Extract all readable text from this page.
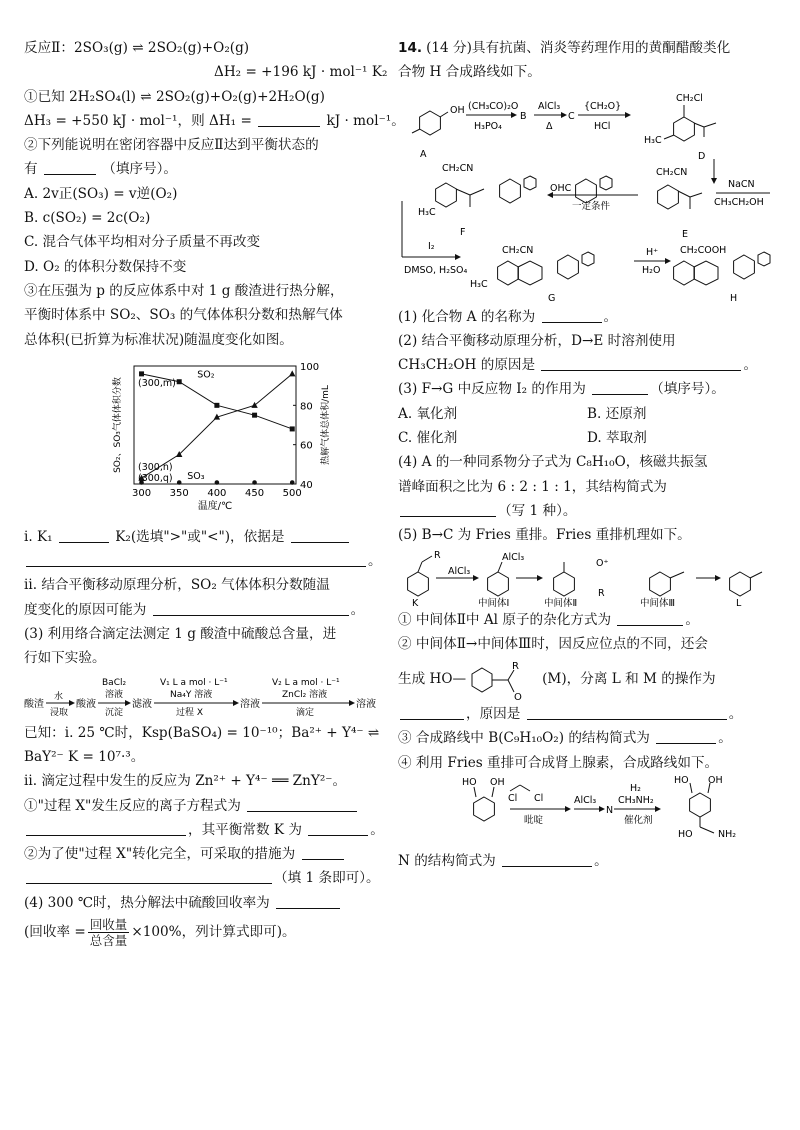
反应Ⅱ：2SO₃(g) ⇌ 2SO₂(g)+O₂(g)
ΔH₂ = +196 kJ · mol⁻¹ K₂
①已知 2H₂SO₄(l) ⇌ 2SO₂(g)+O₂(g)+2H₂O(g)
ΔH₃ = +550 kJ · mol⁻¹，则 ΔH₁ =	kJ · mol⁻¹。
②下列能说明在密闭容器中反应Ⅱ达到平衡状态的
有	（填序号）。
A. 2v正(SO₃) = v逆(O₂)
B. c(SO₂) = 2c(O₂)
C. 混合气体平均相对分子质量不再改变
D. O₂ 的体积分数保持不变
③在压强为 p 的反应体系中对 1 g 酸渣进行热分解，
平衡时体系中 SO₂、SO₃ 的气体体积分数和热解气体
总体积(已折算为标准状况)随温度变化如图。
300 350 400 450 500
40
60
80
100
温度/℃
SO₂、SO₃气体体积分数	热解气体总体积/mL
(300,m)
(300,n)
(300,q)
SO₂
SO₃
ⅰ. K₁	K₂(选填">"或"<")，依据是
。
ⅱ. 结合平衡移动原理分析，SO₂ 气体体积分数随温
度变化的原因可能为	。
(3) 利用络合滴定法测定 1 g 酸渣中硫酸总含量，进
行如下实验。
酸渣
水
浸取
酸液
BaCl₂
溶液
沉淀
滤液
V₁ L a mol · L⁻¹
Na₄Y 溶液
过程 X
溶液
V₂ L a mol · L⁻¹
ZnCl₂ 溶液
滴定
溶液
已知：ⅰ. 25 ℃时，Ksp(BaSO₄) = 10⁻¹⁰；Ba²⁺ + Y⁴⁻ ⇌
BaY²⁻ K = 10⁷·³。
ⅱ. 滴定过程中发生的反应为 Zn²⁺ + Y⁴⁻ ══ ZnY²⁻。
①"过程 X"发生反应的离子方程式为
，其平衡常数 K 为	。
②为了使"过程 X"转化完全，可采取的措施为
（填 1 条即可）。
(4) 300 ℃时，热分解法中硫酸回收率为
(回收率 = $\frac{\text{回收量}}{\text{总含量}} \times 100\%$，列计算式即可)。
14. (14 分)具有抗菌、消炎等药理作用的黄酮醋酸类化
合物 H 合成路线如下。
A
OH (CH₃CO)₂O
H₃PO₄
B
AlCl₃
Δ
C
{CH₂O}
HCl
CH₂Cl
H₃C
D
CH₂CN
H₃C
F
OHC
一定条件
CH₂CN
NaCN
CH₃CH₂OH
E
I₂
DMSO, H₂SO₄
CH₂CN
H₃C
G
H⁺
H₂O
CH₂COOH
H
(1) 化合物 A 的名称为	。
(2) 结合平衡移动原理分析，D→E 时溶剂使用
CH₃CH₂OH 的原因是	。
(3) F→G 中反应物 I₂ 的作用为	（填序号）。
A. 氧化剂	B. 还原剂
C. 催化剂	D. 萃取剂
(4) A 的一种同系物分子式为 C₈H₁₀O，核磁共振氢
谱峰面积之比为 6 : 2 : 1 : 1，其结构简式为
（写 1 种）。
(5) B→C 为 Fries 重排。Fries 重排机理如下。
R
K
AlCl₃
AlCl₃
中间体Ⅰ	中间体Ⅱ
O⁺
R
中间体Ⅲ	L
① 中间体Ⅱ中 Al 原子的杂化方式为	。
② 中间体Ⅱ→中间体Ⅲ时，因反应位点的不同，还会
生成 HO—
R
O
(M)，分离 L 和 M 的操作为
，原因是	。
③ 合成路线中 B(C₉H₁₀O₂) 的结构简式为	。
④ 利用 Fries 重排可合成肾上腺素，合成路线如下。
HO OH
Cl Cl
吡啶
AlCl₃
N
CH₃NH₂
H₂
催化剂
HO OH
HO	NH₂
N 的结构简式为	。
